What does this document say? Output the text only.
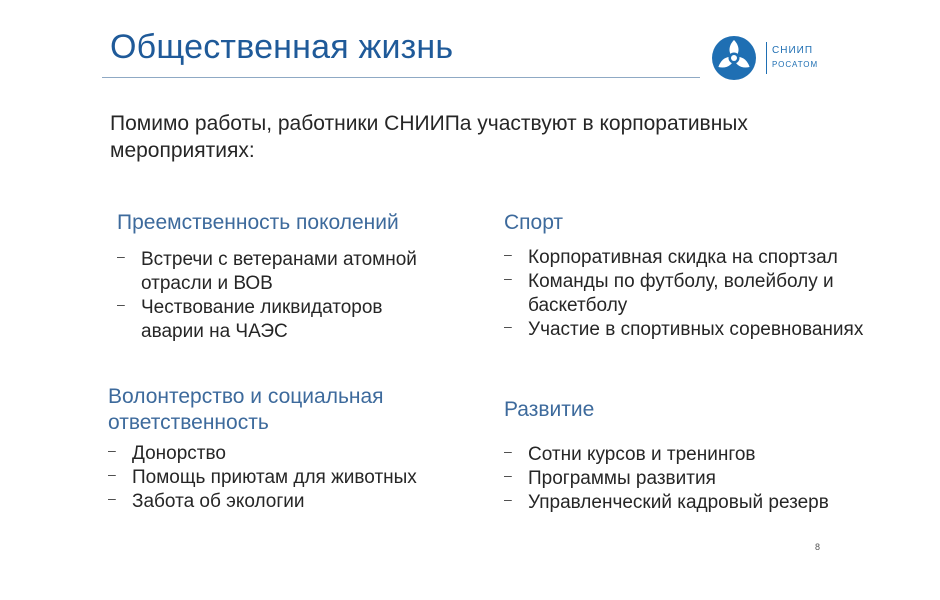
Общественная жизнь	СНИИП
РОСАТОМ
Помимо работы, работники СНИИПа участвуют в корпоративных мероприятиях:
Преемственность поколений
– Встречи с ветеранами атомной отрасли и ВОВ
– Чествование ликвидаторов аварии на ЧАЭС
Спорт
– Корпоративная скидка на спортзал
– Команды по футболу, волейболу и баскетболу
– Участие в спортивных соревнованиях
Волонтерство и социальная ответственность
– Донорство
– Помощь приютам для животных
– Забота об экологии
Развитие
– Сотни курсов и тренингов
– Программы развития
– Управленческий кадровый резерв
8
